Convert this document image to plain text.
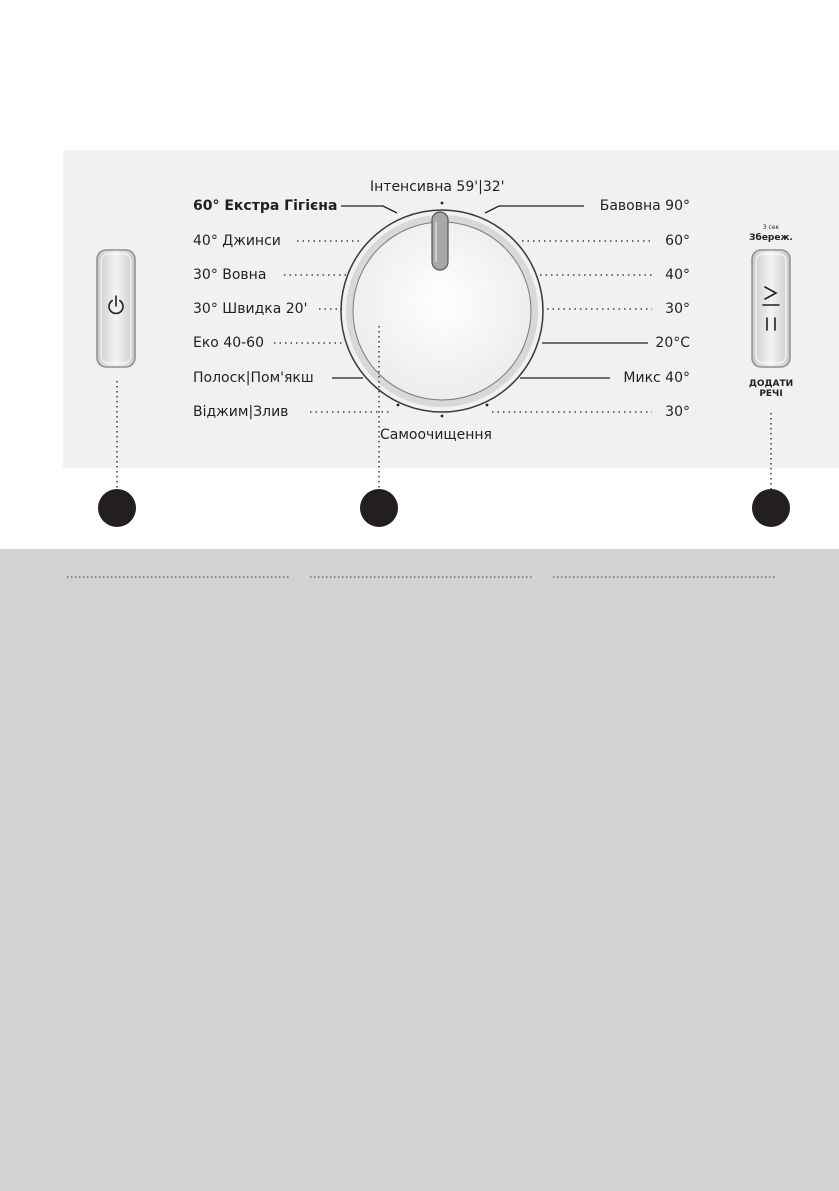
Інтенсивна 59'|32'
Самоочищення
60° Екстра Гігієна
40° Джинси
30° Вовна
30° Швидка 20'
Еко 40-60
Полоск|Пом'якш
Віджим|Злив
Бавовна 90°
60°
40°
30°
20°C
Микс 40°
30°
3 сек
Збереж.
ДОДАТИ
РЕЧІ
